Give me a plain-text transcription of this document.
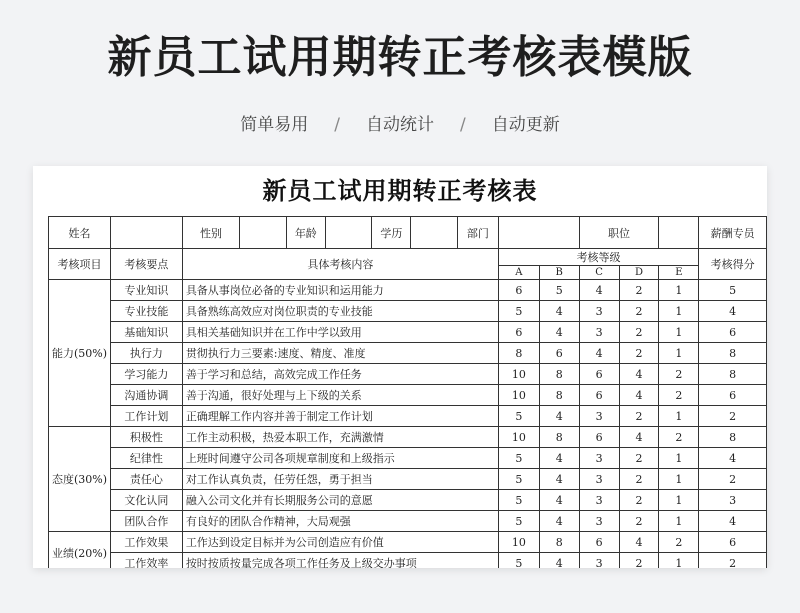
新员工试用期转正考核表模版
简单易用 / 自动统计 / 自动更新
新员工试用期转正考核表
姓名		性别		年龄		学历		部门			职位			薪酬专员
考核项目	考核要点	具体考核内容							考核等级					考核得分
									A	B	C	D	E	
能力(50%)	专业知识	具备从事岗位必备的专业知识和运用能力							6	5	4	2	1	5
	专业技能	具备熟练高效应对岗位职责的专业技能							5	4	3	2	1	4
	基础知识	具相关基础知识并在工作中学以致用							6	4	3	2	1	6
	执行力	贯彻执行力三要素:速度、精度、准度							8	6	4	2	1	8
	学习能力	善于学习和总结，高效完成工作任务							10	8	6	4	2	8
	沟通协调	善于沟通，很好处理与上下级的关系							10	8	6	4	2	6
	工作计划	正确理解工作内容并善于制定工作计划							5	4	3	2	1	2
态度(30%)	积极性	工作主动积极，热爱本职工作，充满激情							10	8	6	4	2	8
	纪律性	上班时间遵守公司各项规章制度和上级指示							5	4	3	2	1	4
	责任心	对工作认真负责，任劳任怨，勇于担当							5	4	3	2	1	2
	文化认同	融入公司文化并有长期服务公司的意愿							5	4	3	2	1	3
	团队合作	有良好的团队合作精神，大局观强							5	4	3	2	1	4
业绩(20%)	工作效果	工作达到设定目标并为公司创造应有价值							10	8	6	4	2	6
	工作效率	按时按质按量完成各项工作任务及上级交办事项							5	4	3	2	1	2
